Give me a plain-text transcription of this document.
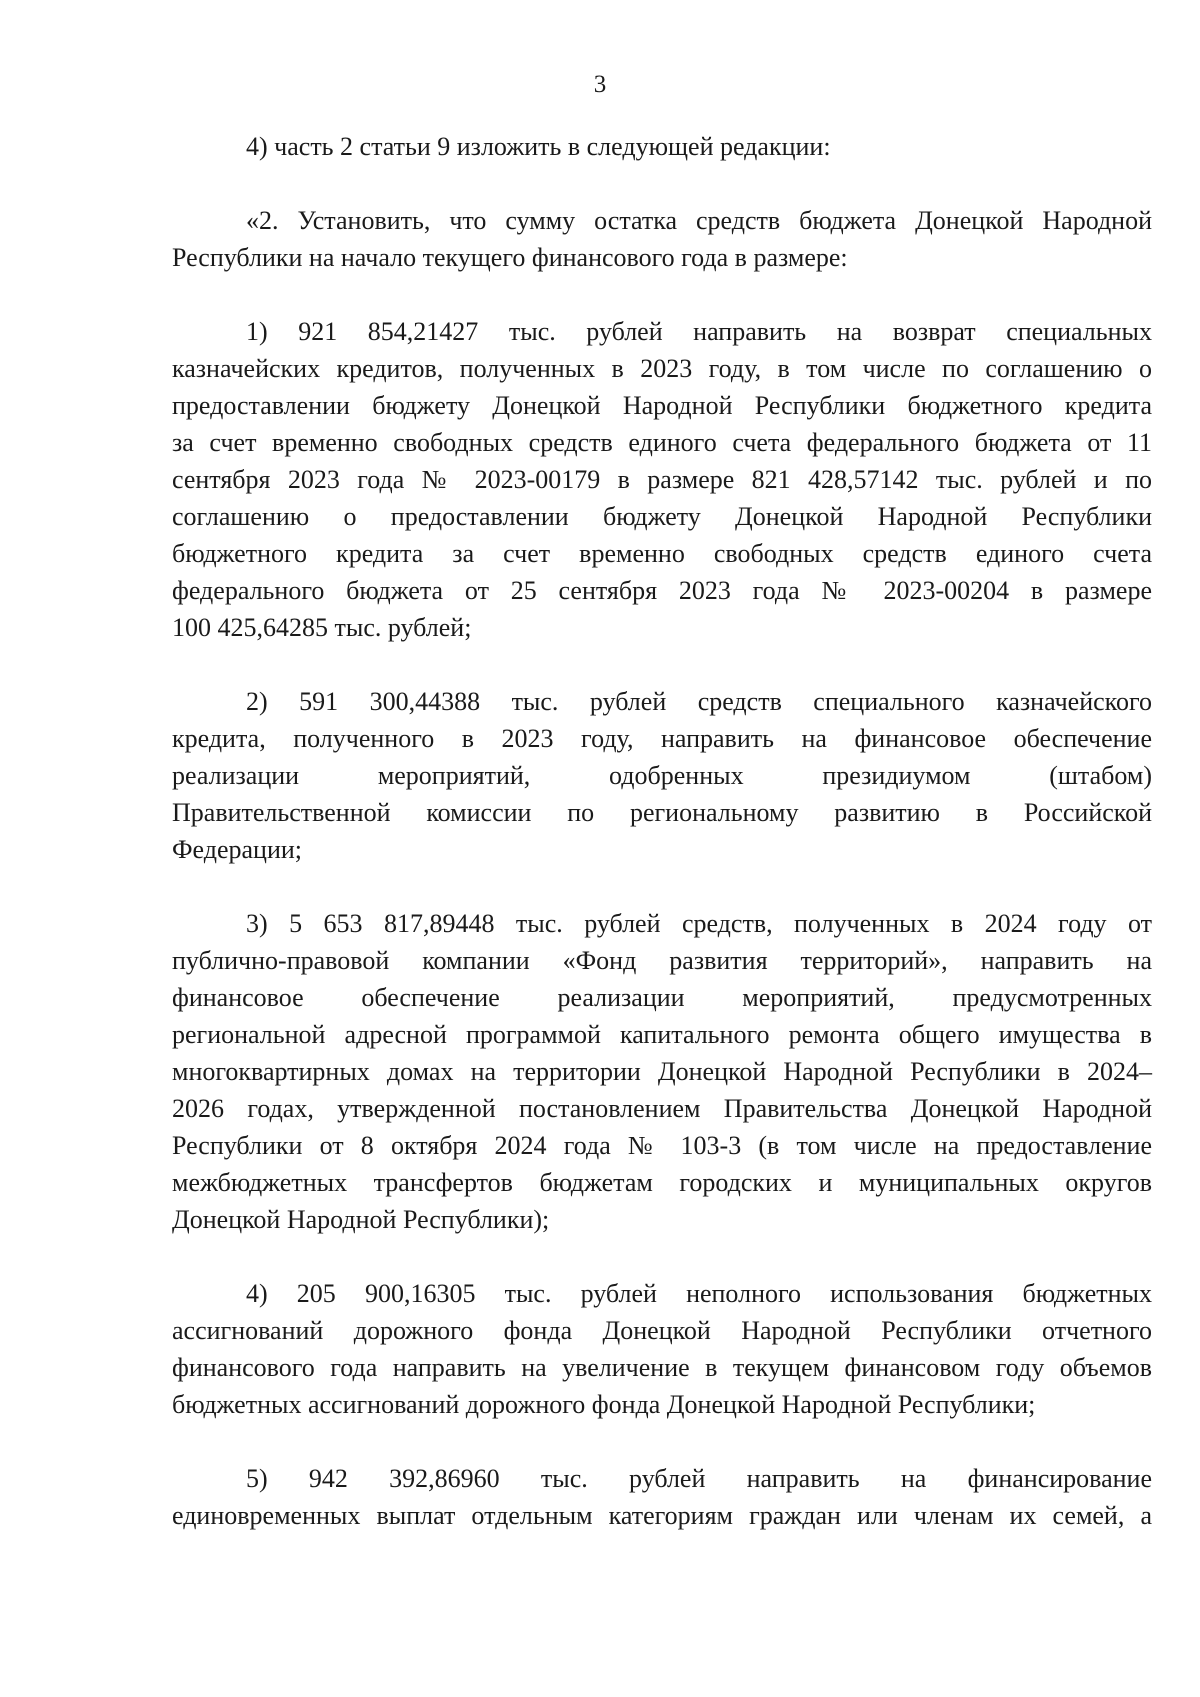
3

4) часть 2 статьи 9 изложить в следующей редакции:

«2. Установить, что сумму остатка средств бюджета Донецкой Народной
Республики на начало текущего финансового года в размере:

1) 921 854,21427 тыс. рублей направить на возврат специальных
казначейских кредитов, полученных в 2023 году, в том числе по соглашению о
предоставлении бюджету Донецкой Народной Республики бюджетного кредита
за счет временно свободных средств единого счета федерального бюджета от 11
сентября 2023 года № 2023-00179 в размере 821 428,57142 тыс. рублей и по
соглашению о предоставлении бюджету Донецкой Народной Республики
бюджетного кредита за счет временно свободных средств единого счета
федерального бюджета от 25 сентября 2023 года № 2023-00204 в размере
100 425,64285 тыс. рублей;

2) 591 300,44388 тыс. рублей средств специального казначейского
кредита, полученного в 2023 году, направить на финансовое обеспечение
реализации мероприятий, одобренных президиумом (штабом)
Правительственной комиссии по региональному развитию в Российской
Федерации;

3) 5 653 817,89448 тыс. рублей средств, полученных в 2024 году от
публично-правовой компании «Фонд развития территорий», направить на
финансовое обеспечение реализации мероприятий, предусмотренных
региональной адресной программой капитального ремонта общего имущества в
многоквартирных домах на территории Донецкой Народной Республики в 2024–
2026 годах, утвержденной постановлением Правительства Донецкой Народной
Республики от 8 октября 2024 года № 103-3 (в том числе на предоставление
межбюджетных трансфертов бюджетам городских и муниципальных округов
Донецкой Народной Республики);

4) 205 900,16305 тыс. рублей неполного использования бюджетных
ассигнований дорожного фонда Донецкой Народной Республики отчетного
финансового года направить на увеличение в текущем финансовом году объемов
бюджетных ассигнований дорожного фонда Донецкой Народной Республики;

5) 942 392,86960 тыс. рублей направить на финансирование
единовременных выплат отдельным категориям граждан или членам их семей, а
